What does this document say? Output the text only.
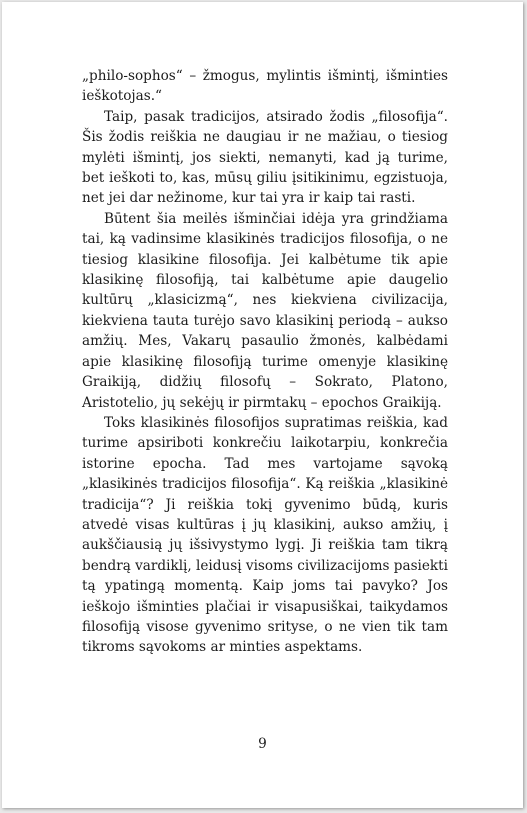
„philo-sophos“ – žmogus, mylintis išmintį, išminties ieškotojas.“

Taip, pasak tradicijos, atsirado žodis „filosofija“. Šis žodis reiškia ne daugiau ir ne mažiau, o tiesiog mylėti išmintį, jos siekti, nemanyti, kad ją turime, bet ieškoti to, kas, mūsų giliu įsitikinimu, egzistuoja, net jei dar nežinome, kur tai yra ir kaip tai rasti.

Būtent šia meilės išminčiai idėja yra grindžiama tai, ką vadinsime klasikinės tradicijos filosofija, o ne tiesiog klasikine filosofija. Jei kalbėtume tik apie klasikinę filosofiją, tai kalbėtume apie daugelio kultūrų „klasicizmą“, nes kiekviena civilizacija, kiekviena tauta turėjo savo klasikinį periodą – aukso amžių. Mes, Vakarų pasaulio žmonės, kalbėdami apie klasikinę filosofiją turime omenyje klasikinę Graikiją, didžių filosofų – Sokrato, Platono, Aristotelio, jų sekėjų ir pirmtakų – epochos Graikiją.

Toks klasikinės filosofijos supratimas reiškia, kad turime apsiriboti konkrečiu laikotarpiu, konkrečia istorine epocha. Tad mes vartojame sąvoką „klasikinės tradicijos filosofija“. Ką reiškia „klasikinė tradicija“? Ji reiškia tokį gyvenimo būdą, kuris atvedė visas kultūras į jų klasikinį, aukso amžių, į aukščiausią jų išsivystymo lygį. Ji reiškia tam tikrą bendrą vardiklį, leidusį visoms civilizacijoms pasiekti tą ypatingą momentą. Kaip joms tai pavyko? Jos ieškojo išminties plačiai ir visapusiškai, taikydamos filosofiją visose gyvenimo srityse, o ne vien tik tam tikroms sąvokoms ar minties aspektams.

9
